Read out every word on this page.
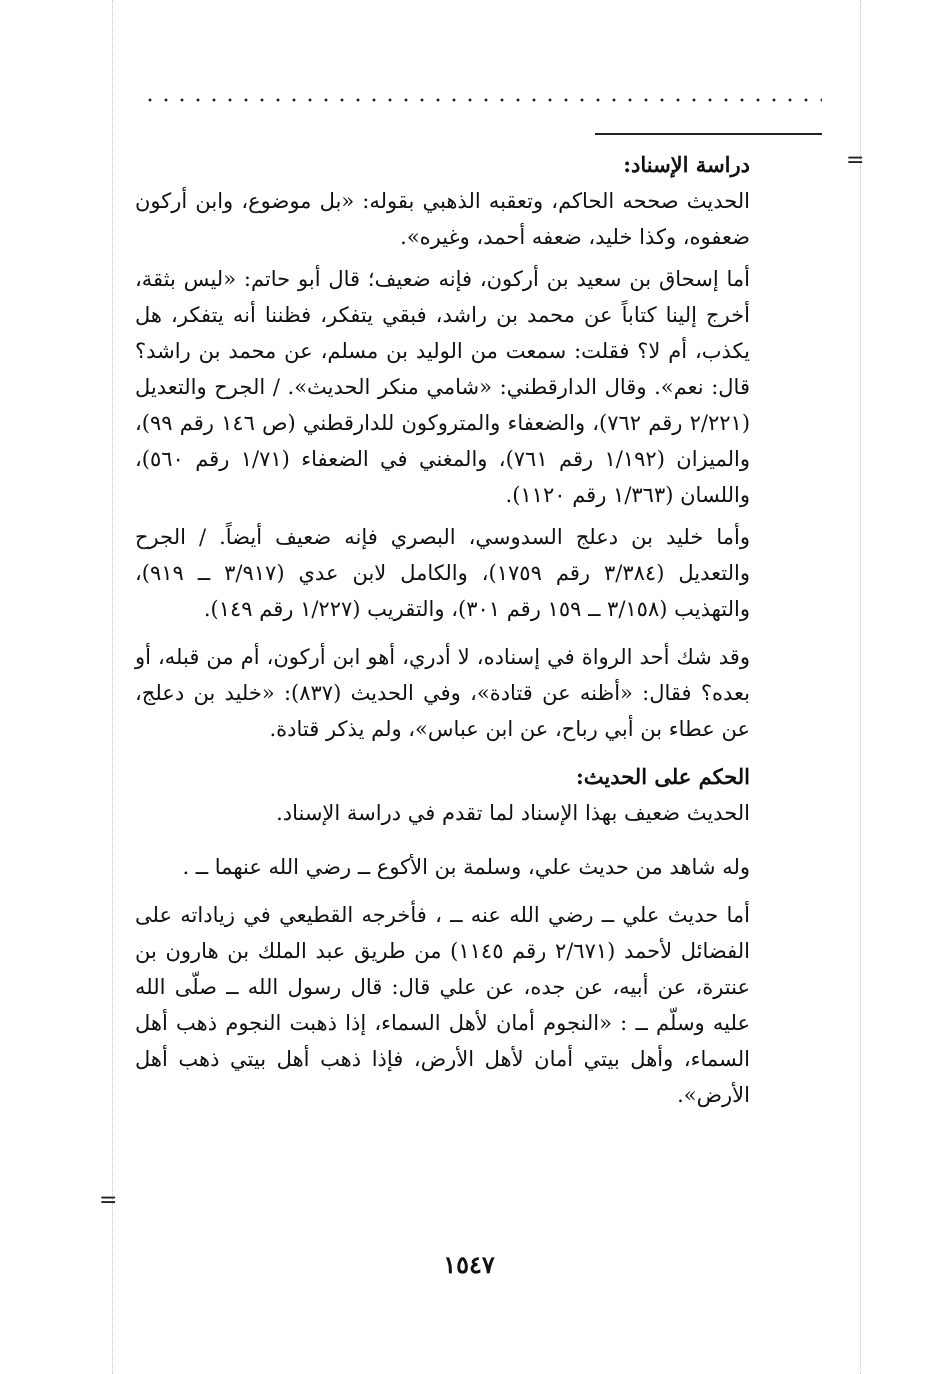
=
=

دراسة الإسناد:

الحديث صححه الحاكم، وتعقبه الذهبي بقوله: «بل موضوع، وابن أركون ضعفوه، وكذا خليد، ضعفه أحمد، وغيره».

أما إسحاق بن سعيد بن أركون، فإنه ضعيف؛ قال أبو حاتم: «ليس بثقة، أخرج إلينا كتاباً عن محمد بن راشد، فبقي يتفكر، فظننا أنه يتفكر، هل يكذب، أم لا؟ فقلت: سمعت من الوليد بن مسلم، عن محمد بن راشد؟ قال: نعم». وقال الدارقطني: «شامي منكر الحديث». / الجرح والتعديل (٢/٢٢١ رقم ٧٦٢)، والضعفاء والمتروكون للدارقطني (ص ١٤٦ رقم ٩٩)، والميزان (١/١٩٢ رقم ٧٦١)، والمغني في الضعفاء (١/٧١ رقم ٥٦٠)، واللسان (١/٣٦٣ رقم ١١٢٠).

وأما خليد بن دعلج السدوسي، البصري فإنه ضعيف أيضاً. / الجرح والتعديل (٣/٣٨٤ رقم ١٧٥٩)، والكامل لابن عدي (٣/٩١٧ ــ ٩١٩)، والتهذيب (٣/١٥٨ ــ ١٥٩ رقم ٣٠١)، والتقريب (١/٢٢٧ رقم ١٤٩).

وقد شك أحد الرواة في إسناده، لا أدري، أهو ابن أركون، أم من قبله، أو بعده؟ فقال: «أظنه عن قتادة»، وفي الحديث (٨٣٧): «خليد بن دعلج، عن عطاء بن أبي رباح، عن ابن عباس»، ولم يذكر قتادة.

الحكم على الحديث:

الحديث ضعيف بهذا الإسناد لما تقدم في دراسة الإسناد.

وله شاهد من حديث علي، وسلمة بن الأكوع ــ رضي الله عنهما ــ .

أما حديث علي ــ رضي الله عنه ــ ، فأخرجه القطيعي في زياداته على الفضائل لأحمد (٢/٦٧١ رقم ١١٤٥) من طريق عبد الملك بن هارون بن عنترة، عن أبيه، عن جده، عن علي قال: قال رسول الله ــ صلّى الله عليه وسلّم ــ : «النجوم أمان لأهل السماء، إذا ذهبت النجوم ذهب أهل السماء، وأهل بيتي أمان لأهل الأرض، فإذا ذهب أهل بيتي ذهب أهل الأرض».

١٥٤٧
